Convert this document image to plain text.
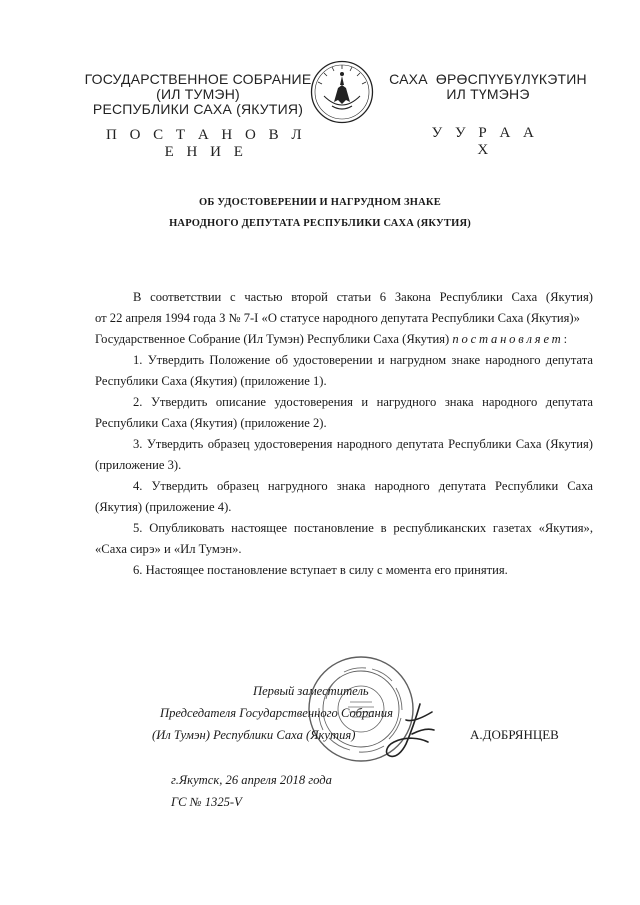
ГОСУДАРСТВЕННОЕ СОБРАНИЕ
(ИЛ ТУМЭН)
РЕСПУБЛИКИ САХА (ЯКУТИЯ)
П О С Т А Н О В Л Е Н И Е
САХА  ӨРӨСПҮҮБҮЛҮКЭТИН
ИЛ ТҮМЭНЭ
У У Р А А Х
ОБ УДОСТОВЕРЕНИИ И НАГРУДНОМ ЗНАКЕ
НАРОДНОГО ДЕПУТАТА РЕСПУБЛИКИ САХА (ЯКУТИЯ)
В соответствии с частью второй статьи 6 Закона Республики Саха (Якутия)
от 22 апреля 1994 года З № 7-I «О статусе народного депутата Республики Саха (Якутия)»
Государственное Собрание (Ил Тумэн) Республики Саха (Якутия) постановляет:
1. Утвердить Положение об удостоверении и нагрудном знаке народного депутата
Республики Саха (Якутия) (приложение 1).
2. Утвердить описание удостоверения и нагрудного знака народного депутата
Республики Саха (Якутия) (приложение 2).
3. Утвердить образец удостоверения народного депутата Республики Саха (Якутия)
(приложение 3).
4. Утвердить образец нагрудного знака народного депутата Республики Саха
(Якутия) (приложение 4).
5. Опубликовать настоящее постановление в республиканских газетах «Якутия»,
«Саха сирэ» и «Ил Тумэн».
6. Настоящее постановление вступает в силу с момента его принятия.
Первый заместитель
Председателя Государственного Собрания
(Ил Тумэн) Республики Саха (Якутия)	А.ДОБРЯНЦЕВ
г.Якутск, 26 апреля 2018 года
ГС № 1325-V
